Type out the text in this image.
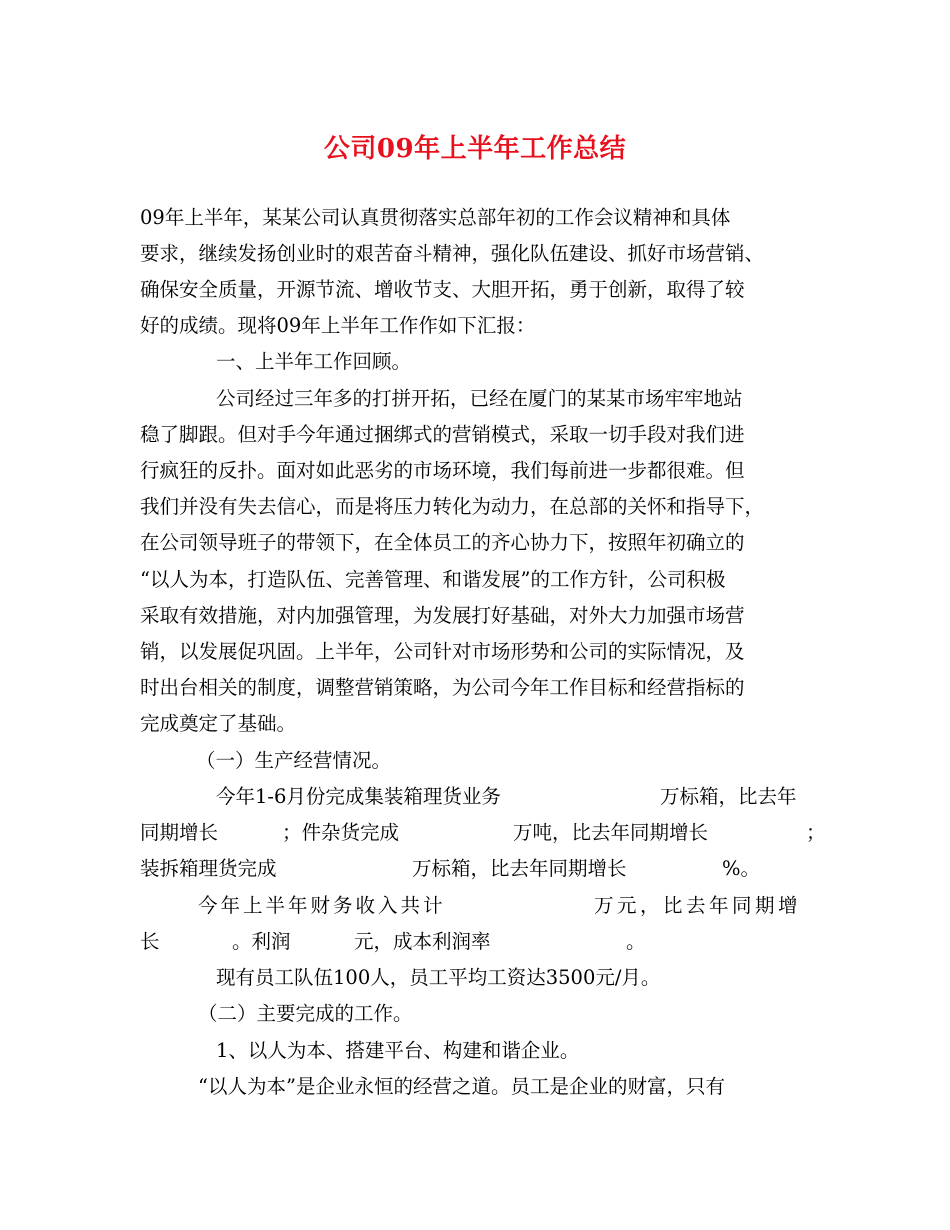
公司09年上半年工作总结
09年上半年，某某公司认真贯彻落实总部年初的工作会议精神和具体
要求，继续发扬创业时的艰苦奋斗精神，强化队伍建设、抓好市场营销、
确保安全质量，开源节流、增收节支、大胆开拓，勇于创新，取得了较
好的成绩。现将09年上半年工作作如下汇报：
一、上半年工作回顾。
公司经过三年多的打拼开拓，已经在厦门的某某市场牢牢地站
稳了脚跟。但对手今年通过捆绑式的营销模式，采取一切手段对我们进
行疯狂的反扑。面对如此恶劣的市场环境，我们每前进一步都很难。但
我们并没有失去信心，而是将压力转化为动力，在总部的关怀和指导下，
在公司领导班子的带领下，在全体员工的齐心协力下，按照年初确立的
“以人为本，打造队伍、完善管理、和谐发展”的工作方针，公司积极
采取有效措施，对内加强管理，为发展打好基础，对外大力加强市场营
销，以发展促巩固。上半年，公司针对市场形势和公司的实际情况，及
时出台相关的制度，调整营销策略，为公司今年工作目标和经营指标的
完成奠定了基础。
（一）生产经营情况。
今年1-6月份完成集装箱理货业务	万标箱，比去年
同期增长	；件杂货完成	万吨，比去年同期增长	；
装拆箱理货完成	万标箱，比去年同期增长	%。
今年上半年财务收入共计	万元，比去年同期增
长	。利润	元，成本利润率	。
现有员工队伍100人，员工平均工资达3500元/月。
（二）主要完成的工作。
1、以人为本、搭建平台、构建和谐企业。
“以人为本”是企业永恒的经营之道。员工是企业的财富，只有
